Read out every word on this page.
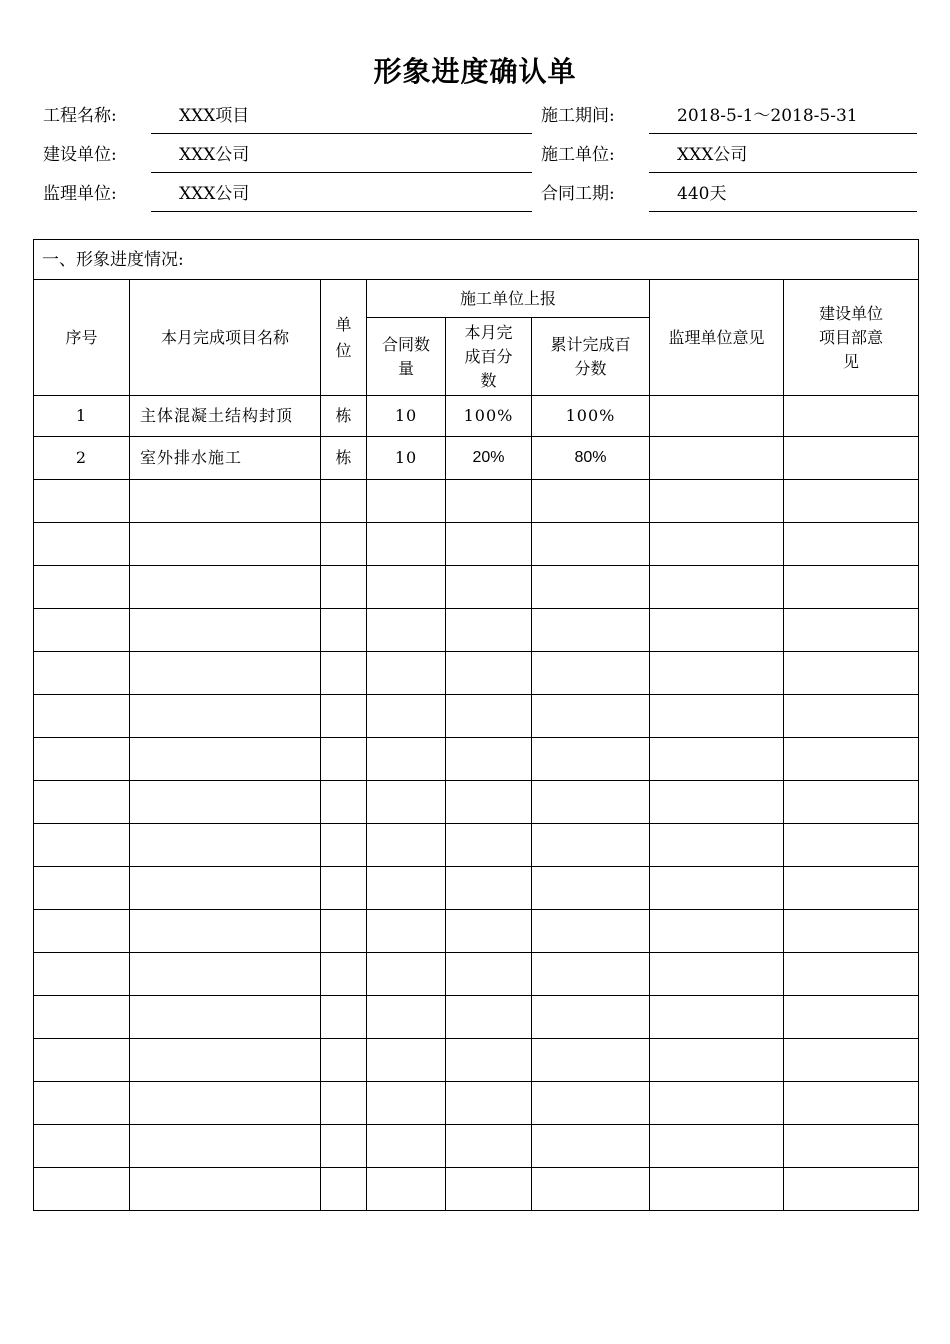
形象进度确认单
工程名称:	XXX项目	施工期间:	2018-5-1～2018-5-31
建设单位:	XXX公司	施工单位:	XXX公司
监理单位:	XXX公司	合同工期:	440天
一、形象进度情况:							
序号	本月完成项目名称	单位	施工单位上报			监理单位意见	建设单位项目部意见
			合同数量	本月完成百分数	累计完成百分数		
1	主体混凝土结构封顶	栋	10	100%	100%		
2	室外排水施工	栋	10	20%	80%		
